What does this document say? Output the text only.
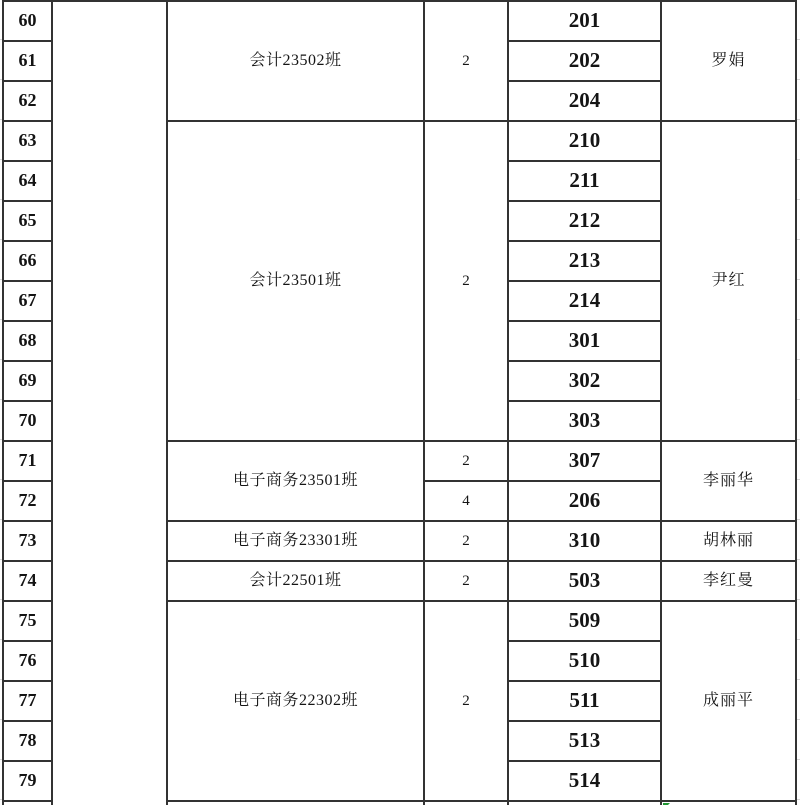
60		会计23502班	2	201	罗娟
61				202	
62				204	
63		会计23501班	2	210	尹红
64				211	
65				212	
66				213	
67				214	
68				301	
69				302	
70				303	
71		电子商务23501班	2	307	李丽华
72			4	206	
73		电子商务23301班	2	310	胡林丽
74		会计22501班	2	503	李红曼
75		电子商务22302班	2	509	成丽平
76				510	
77				511	
78				513	
79				514	
